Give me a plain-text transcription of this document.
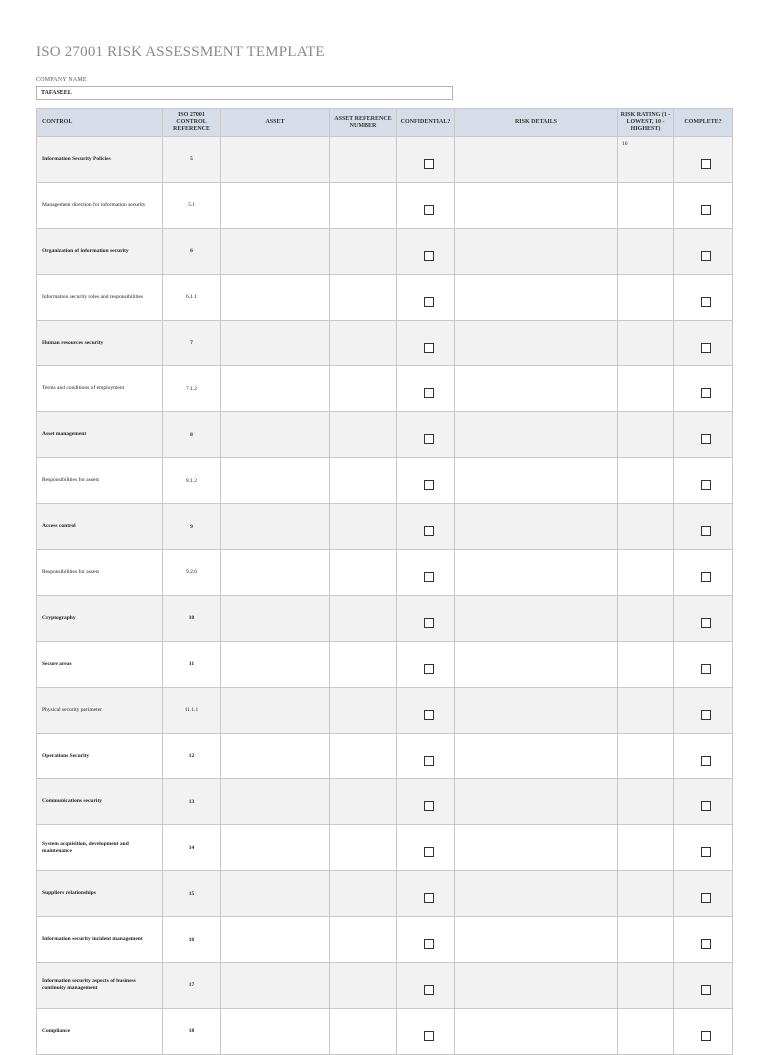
ISO 27001 RISK ASSESSMENT TEMPLATE
COMPANY NAME
TAFASEEL
CONTROL	ISO 27001 CONTROL REFERENCE	ASSET	ASSET REFERENCE NUMBER	CONFIDENTIAL?	RISK DETAILS	RISK RATING (1 - LOWEST, 10 - HIGHEST)	COMPLETE?
Information Security Policies	5					10	

Management direction for information security	5.1			

Organization of information security	6			

Information security roles and responsibilities	6.1.1			

Human resources security	7			

Terms and conditions of employment	7.1.2			

Asset management	8			

Responsibilities for assets	8.1.2			

Access control	9			

Responsibilities for assets	9.2.6			

Cryptography	10			

Secure areas	11			

Physical security perimeter	11.1.1			

Operations Security	12			

Communications security	13			

System acquisition, development and maintenance	14			

Suppliers relationships	15			

Information security incident management	16			

Information security aspects of business continuity management	17			

Compliance	18			
